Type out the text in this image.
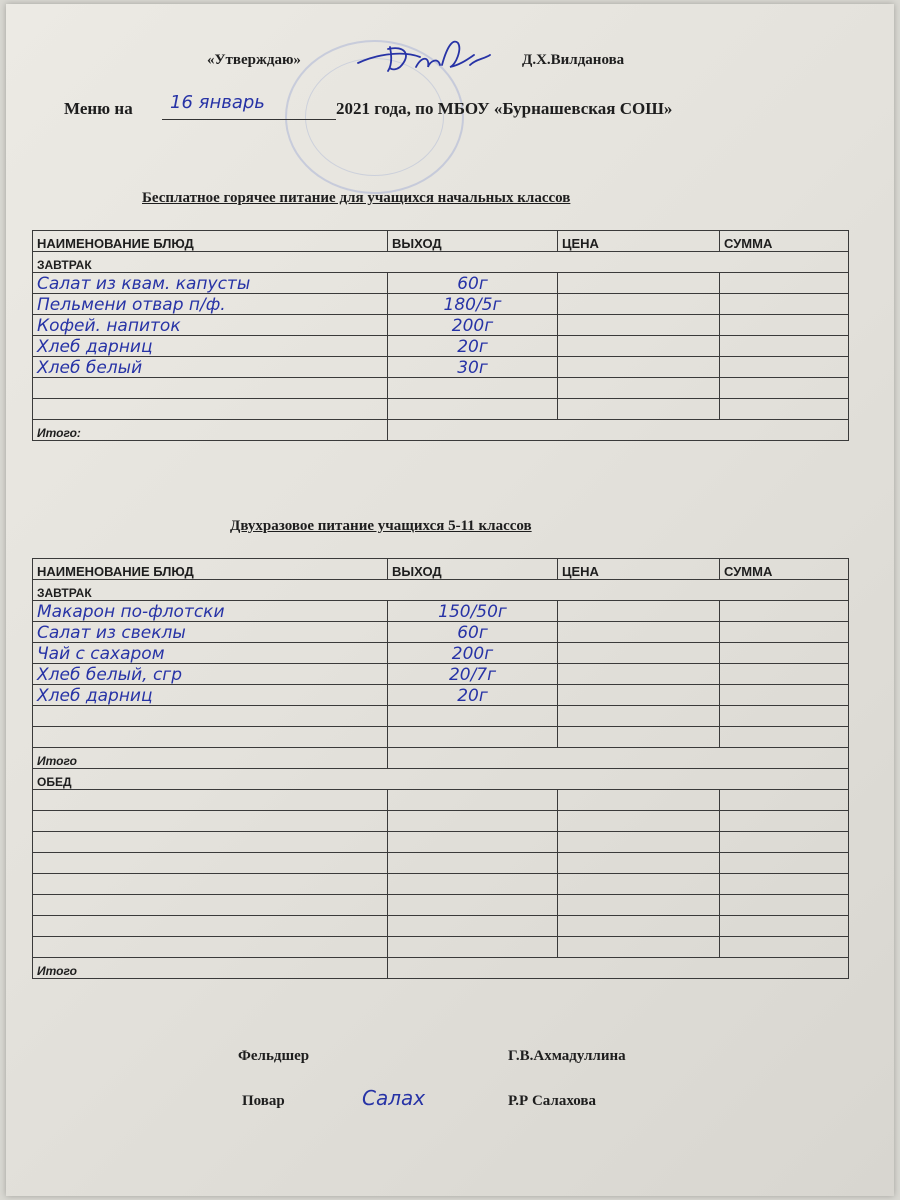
«Утверждаю»	Д.Х.Вилданова
Меню на 16 январь	2021 года, по МБОУ «Бурнашевская СОШ»
Бесплатное горячее питание для учащихся начальных классов
НАИМЕНОВАНИЕ БЛЮД	ВЫХОД	ЦЕНА	СУММА
ЗАВТРАК			
Салат из квам. капусты	60г		
Пельмени отвар п/ф.	180/5г		
Кофей. напиток	200г		
Хлеб дарниц	20г		
Хлеб белый	30г		

Итого:			
Двухразовое питание учащихся 5-11 классов
НАИМЕНОВАНИЕ БЛЮД	ВЫХОД	ЦЕНА	СУММА
ЗАВТРАК			
Макарон по-флотски	150/50г		
Салат из свеклы	60г		
Чай с сахаром	200г		
Хлеб белый, сгр	20/7г		
Хлеб дарниц	20г		

Итого			
ОБЕД			

Итого			
Фельдшер	Г.В.Ахмадуллина
Повар	Салах	Р.Р Салахова
